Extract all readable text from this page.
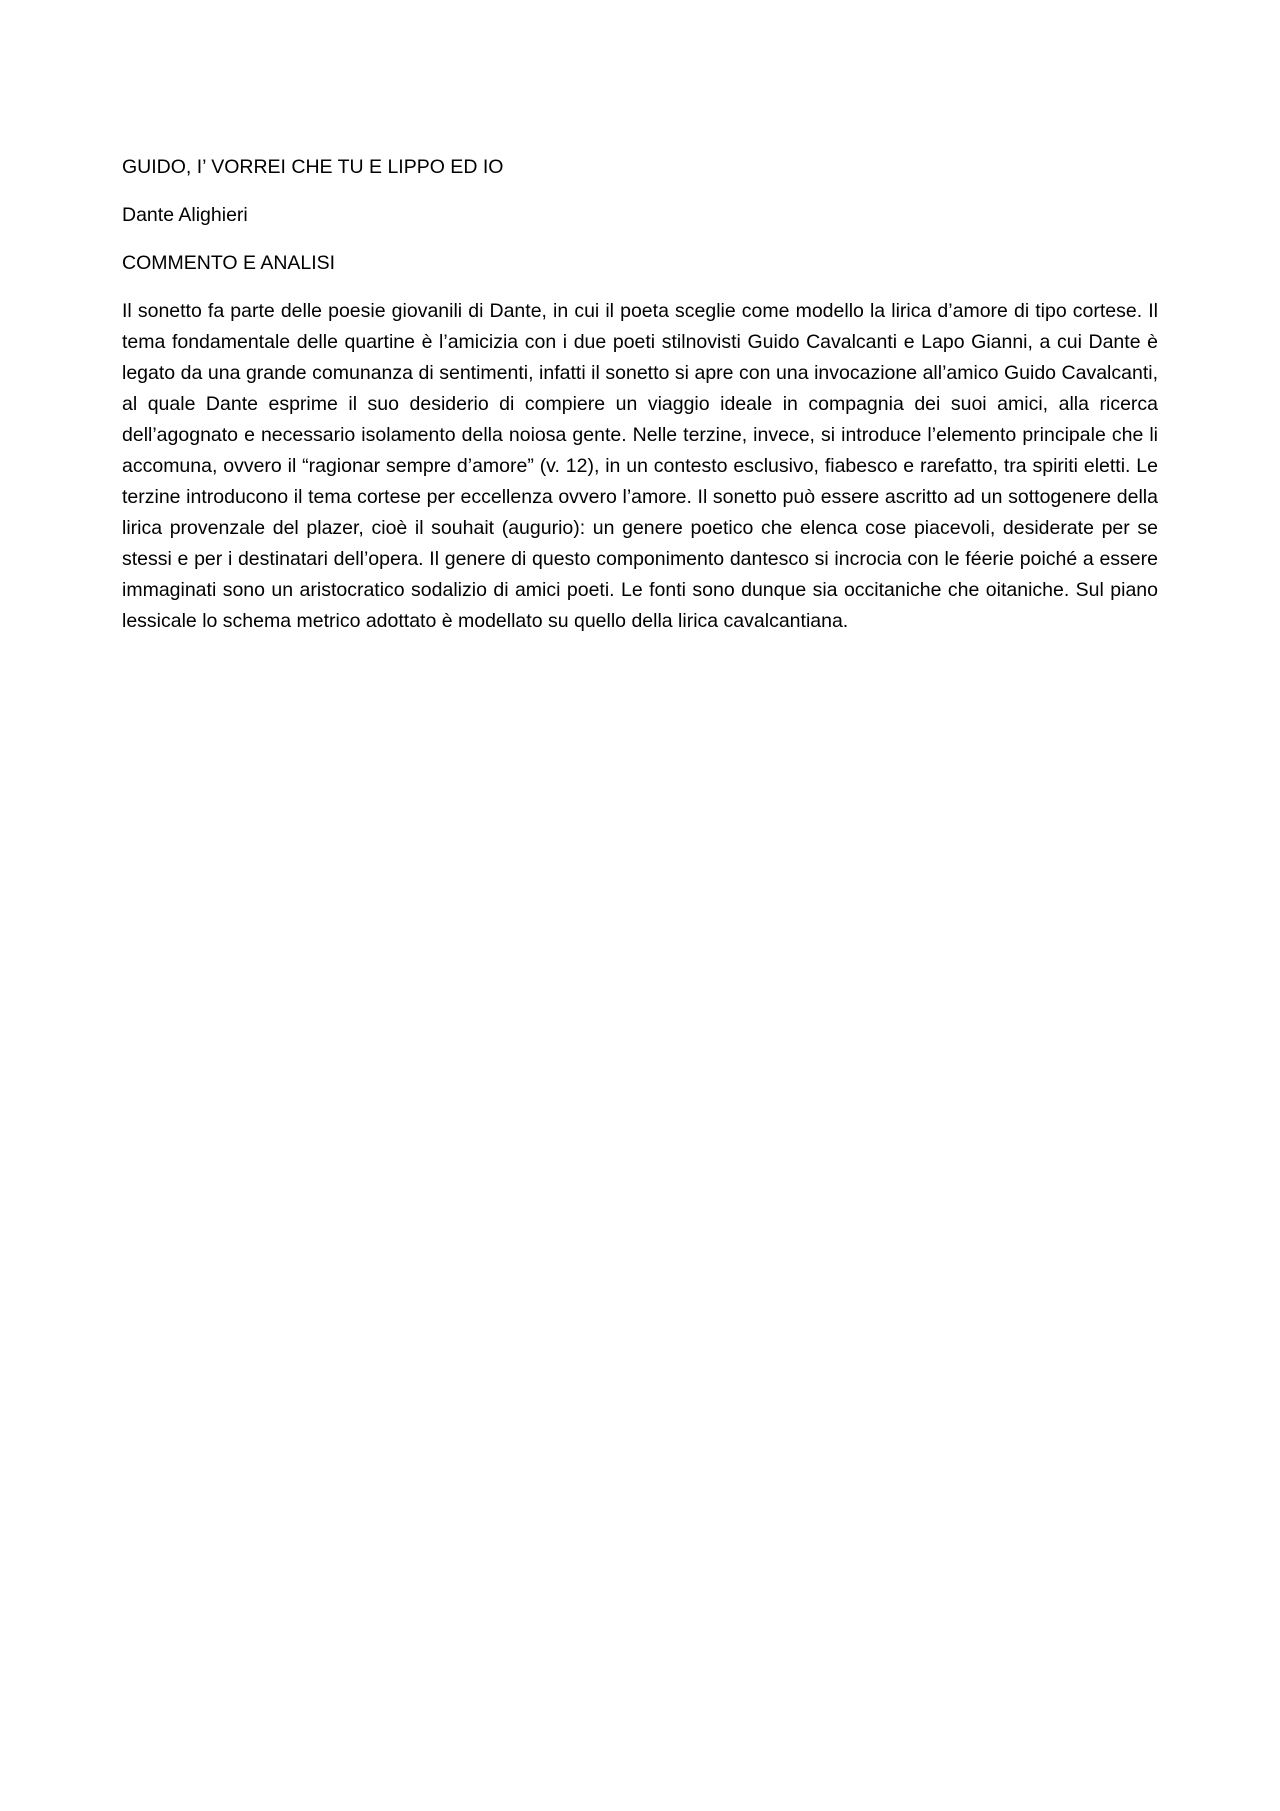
GUIDO, I’ VORREI CHE TU E LIPPO ED IO

Dante Alighieri

COMMENTO E ANALISI

Il sonetto fa parte delle poesie giovanili di Dante, in cui il poeta sceglie come modello la lirica d’amore di tipo cortese. Il tema fondamentale delle quartine è l’amicizia con i due poeti stilnovisti Guido Cavalcanti e Lapo Gianni, a cui Dante è legato da una grande comunanza di sentimenti, infatti il sonetto si apre con una invocazione all’amico Guido Cavalcanti, al quale Dante esprime il suo desiderio di compiere un viaggio ideale in compagnia dei suoi amici, alla ricerca dell’agognato e necessario isolamento della noiosa gente. Nelle terzine, invece, si introduce l’elemento principale che li accomuna, ovvero il “ragionar sempre d’amore” (v. 12), in un contesto esclusivo, fiabesco e rarefatto, tra spiriti eletti. Le terzine introducono il tema cortese per eccellenza ovvero l’amore. Il sonetto può essere ascritto ad un sottogenere della lirica provenzale del plazer, cioè il souhait (augurio): un genere poetico che elenca cose piacevoli, desiderate per se stessi e per i destinatari dell’opera. Il genere di questo componimento dantesco si incrocia con le féerie poiché a essere immaginati sono un aristocratico sodalizio di amici poeti. Le fonti sono dunque sia occitaniche che oitaniche. Sul piano lessicale lo schema metrico adottato è modellato su quello della lirica cavalcantiana.
